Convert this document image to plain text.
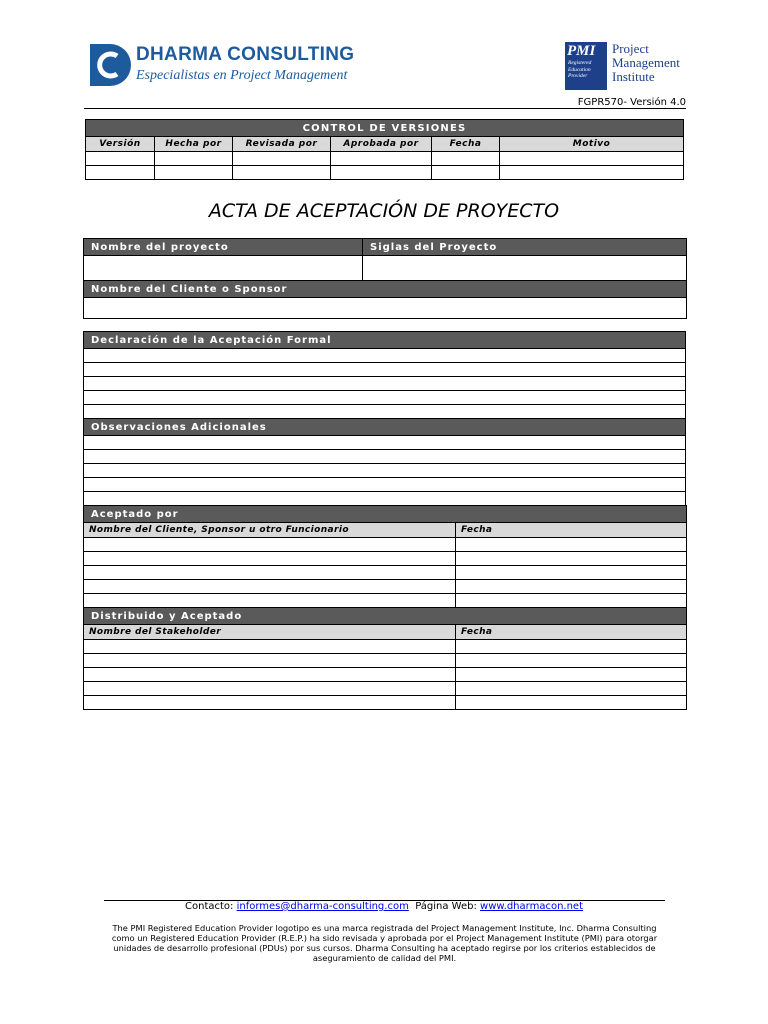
DHARMA CONSULTING
Especialistas en Project Management
PMI
Registered Education Provider
Project
Management
Institute
FGPR570- Versión 4.0
CONTROL DE VERSIONES					
Versión	Hecha por	Revisada por	Aprobada por	Fecha	Motivo

ACTA DE ACEPTACIÓN DE PROYECTO
Nombre del proyecto	Siglas del Proyecto

Nombre del Cliente o Sponsor	

Declaración de la Aceptación Formal

Observaciones Adicionales

Aceptado por	
Nombre del Cliente, Sponsor u otro Funcionario	Fecha

Distribuido y Aceptado	
Nombre del Stakeholder	Fecha

Contacto: informes@dharma-consulting.com Página Web: www.dharmacon.net
The PMI Registered Education Provider logotipo es una marca registrada del Project Management Institute, Inc. Dharma Consulting como un Registered Education Provider (R.E.P.) ha sido revisada y aprobada por el Project Management Institute (PMI) para otorgar unidades de desarrollo profesional (PDUs) por sus cursos. Dharma Consulting ha aceptado regirse por los criterios establecidos de aseguramiento de calidad del PMI.
